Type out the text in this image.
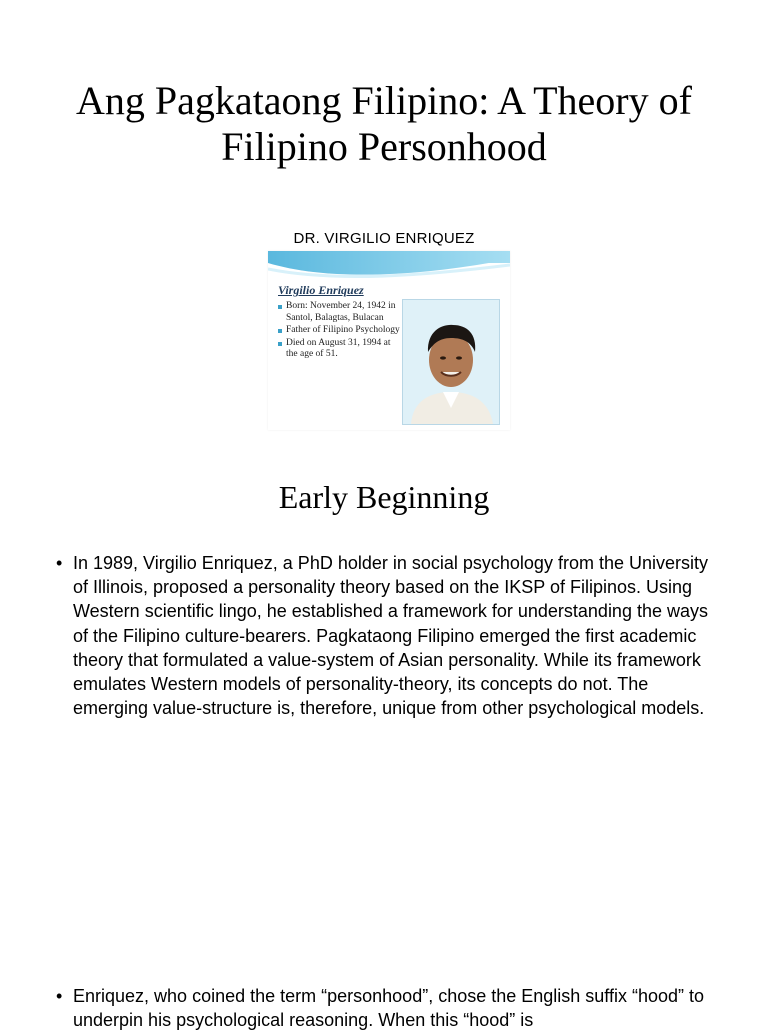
Ang Pagkataong Filipino: A Theory of Filipino Personhood
DR. VIRGILIO ENRIQUEZ
Virgilio Enriquez
Born: November 24, 1942 in Santol, Balagtas, Bulacan
Father of Filipino Psychology
Died on August 31, 1994 at the age of 51.
Early Beginning
• In 1989, Virgilio Enriquez, a PhD holder in social psychology from the University of Illinois, proposed a personality theory based on the IKSP of Filipinos. Using Western scientific lingo, he established a framework for understanding the ways of the Filipino culture-bearers. Pagkataong Filipino emerged the first academic theory that formulated a value-system of Asian personality. While its framework emulates Western models of personality-theory, its concepts do not. The emerging value-structure is, therefore, unique from other psychological models.
• Enriquez, who coined the term “personhood”, chose the English suffix “hood” to underpin his psychological reasoning. When this “hood” is
